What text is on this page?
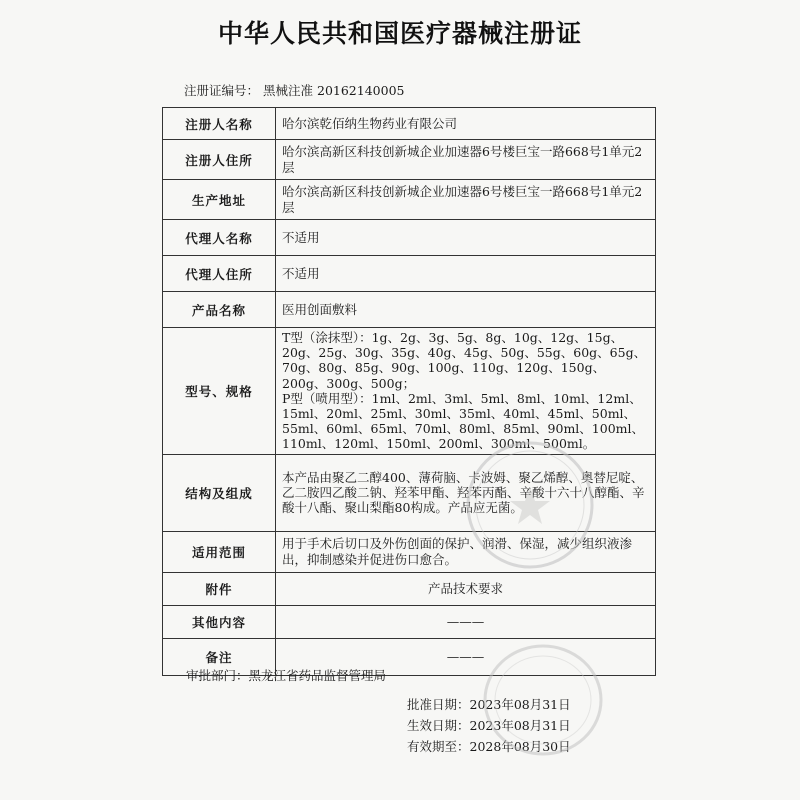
中华人民共和国医疗器械注册证
注册证编号： 黑械注准 20162140005
注册人名称	哈尔滨乾佰纳生物药业有限公司
注册人住所	哈尔滨高新区科技创新城企业加速器6号楼巨宝一路668号1单元2层
生产地址	哈尔滨高新区科技创新城企业加速器6号楼巨宝一路668号1单元2层
代理人名称	不适用
代理人住所	不适用
产品名称	医用创面敷料
型号、规格	T型（涂抹型）：1g、2g、3g、5g、8g、10g、12g、15g、20g、25g、30g、35g、40g、45g、50g、55g、60g、65g、70g、80g、85g、90g、100g、110g、120g、150g、200g、300g、500g；
P型（喷用型）：1ml、2ml、3ml、5ml、8ml、10ml、12ml、15ml、20ml、25ml、30ml、35ml、40ml、45ml、50ml、55ml、60ml、65ml、70ml、80ml、85ml、90ml、100ml、110ml、120ml、150ml、200ml、300ml、500ml。
结构及组成	本产品由聚乙二醇400、薄荷脑、卡波姆、聚乙烯醇、奥替尼啶、乙二胺四乙酸二钠、羟苯甲酯、羟苯丙酯、辛酸十六十八醇酯、辛酸十八酯、聚山梨酯80构成。产品应无菌。
适用范围	用于手术后切口及外伤创面的保护、润滑、保湿，减少组织液渗出，抑制感染并促进伤口愈合。
附件	产品技术要求
其他内容	———
备注	———
审批部门：黑龙江省药品监督管理局
批准日期：2023年08月31日
生效日期：2023年08月31日
有效期至：2028年08月30日
